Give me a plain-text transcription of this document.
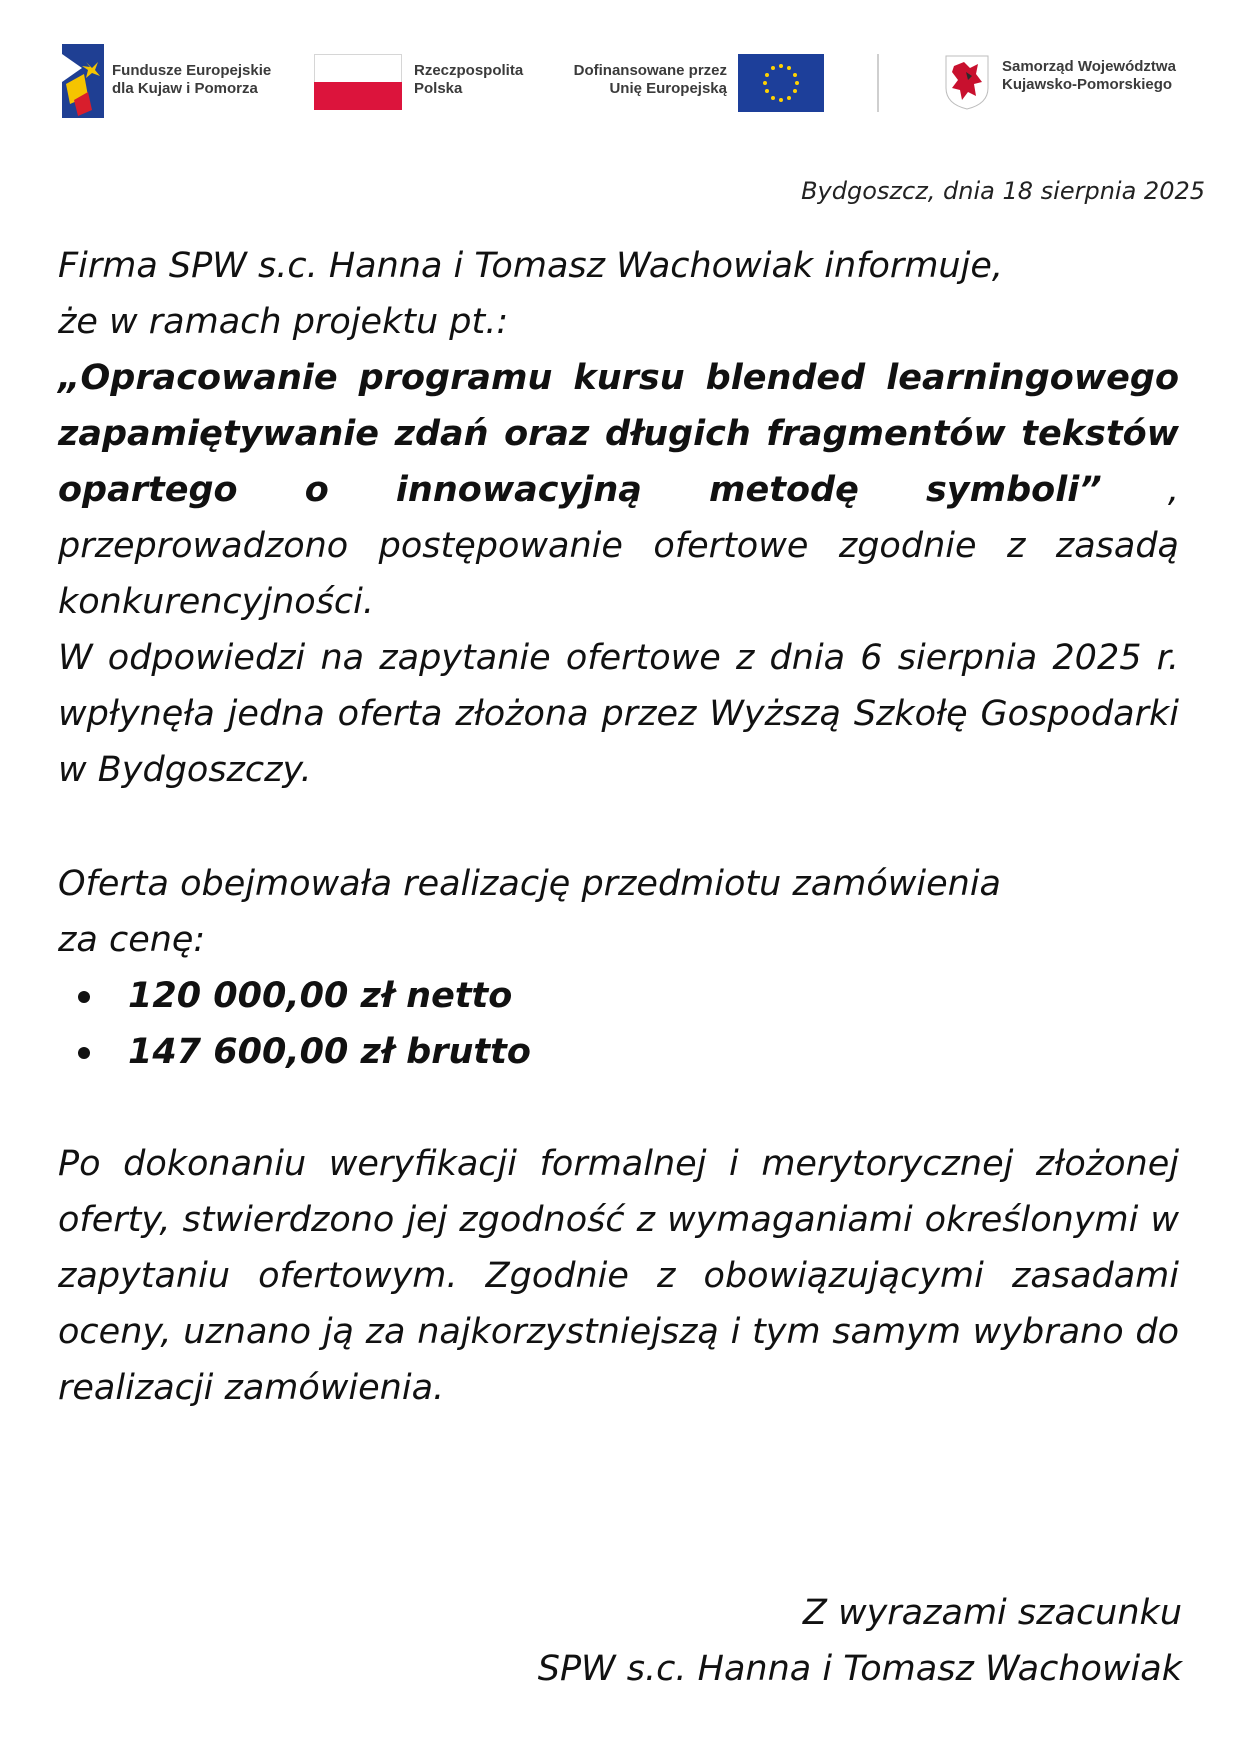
Fundusze Europejskie
dla Kujaw i Pomorza
Rzeczpospolita
Polska
Dofinansowane przez
Unię Europejską
Samorząd Województwa
Kujawsko-Pomorskiego
Bydgoszcz, dnia 18 sierpnia 2025
Firma SPW s.c. Hanna i Tomasz Wachowiak informuje,
że w ramach projektu pt.:
„Opracowanie programu kursu blended learningowego zapamiętywanie zdań oraz długich fragmentów tekstów opartego o innowacyjną metodę symboli” , przeprowadzono postępowanie ofertowe zgodnie z zasadą konkurencyjności.
W odpowiedzi na zapytanie ofertowe z dnia 6 sierpnia 2025 r. wpłynęła jedna oferta złożona przez Wyższą Szkołę Gospodarki w Bydgoszczy.
Oferta obejmowała realizację przedmiotu zamówienia
za cenę:
120 000,00 zł netto
147 600,00 zł brutto
Po dokonaniu weryfikacji formalnej i merytorycznej złożonej oferty, stwierdzono jej zgodność z wymaganiami określonymi w zapytaniu ofertowym. Zgodnie z obowiązującymi zasadami oceny, uznano ją za najkorzystniejszą i tym samym wybrano do realizacji zamówienia.
Z wyrazami szacunku
SPW s.c. Hanna i Tomasz Wachowiak
